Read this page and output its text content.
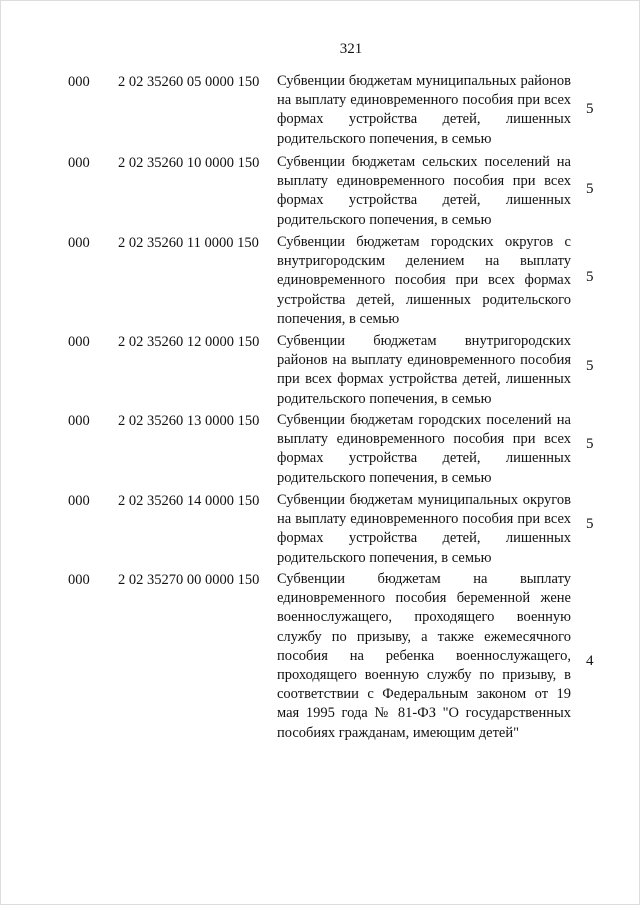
321
000 2 02 35260 05 0000 150 Субвенции бюджетам муниципальных районов на выплату единовременного пособия при всех формах устройства детей, лишенных родительского попечения, в семью
5
000 2 02 35260 10 0000 150 Субвенции бюджетам сельских поселений на выплату единовременного пособия при всех формах устройства детей, лишенных родительского попечения, в семью
5
000 2 02 35260 11 0000 150 Субвенции бюджетам городских округов с внутригородским делением на выплату единовременного пособия при всех формах устройства детей, лишенных родительского попечения, в семью
5
000 2 02 35260 12 0000 150 Субвенции бюджетам внутригородских районов на выплату единовременного пособия при всех формах устройства детей, лишенных родительского попечения, в семью
5
000 2 02 35260 13 0000 150 Субвенции бюджетам городских поселений на выплату единовременного пособия при всех формах устройства детей, лишенных родительского попечения, в семью
5
000 2 02 35260 14 0000 150 Субвенции бюджетам муниципальных округов на выплату единовременного пособия при всех формах устройства детей, лишенных родительского попечения, в семью
5
000 2 02 35270 00 0000 150 Субвенции бюджетам на выплату единовременного пособия беременной жене военнослужащего, проходящего военную службу по призыву, а также ежемесячного пособия на ребенка военнослужащего, проходящего военную службу по призыву, в соответствии с Федеральным законом от 19 мая 1995 года № 81-ФЗ "О государственных пособиях гражданам, имеющим детей"
4
